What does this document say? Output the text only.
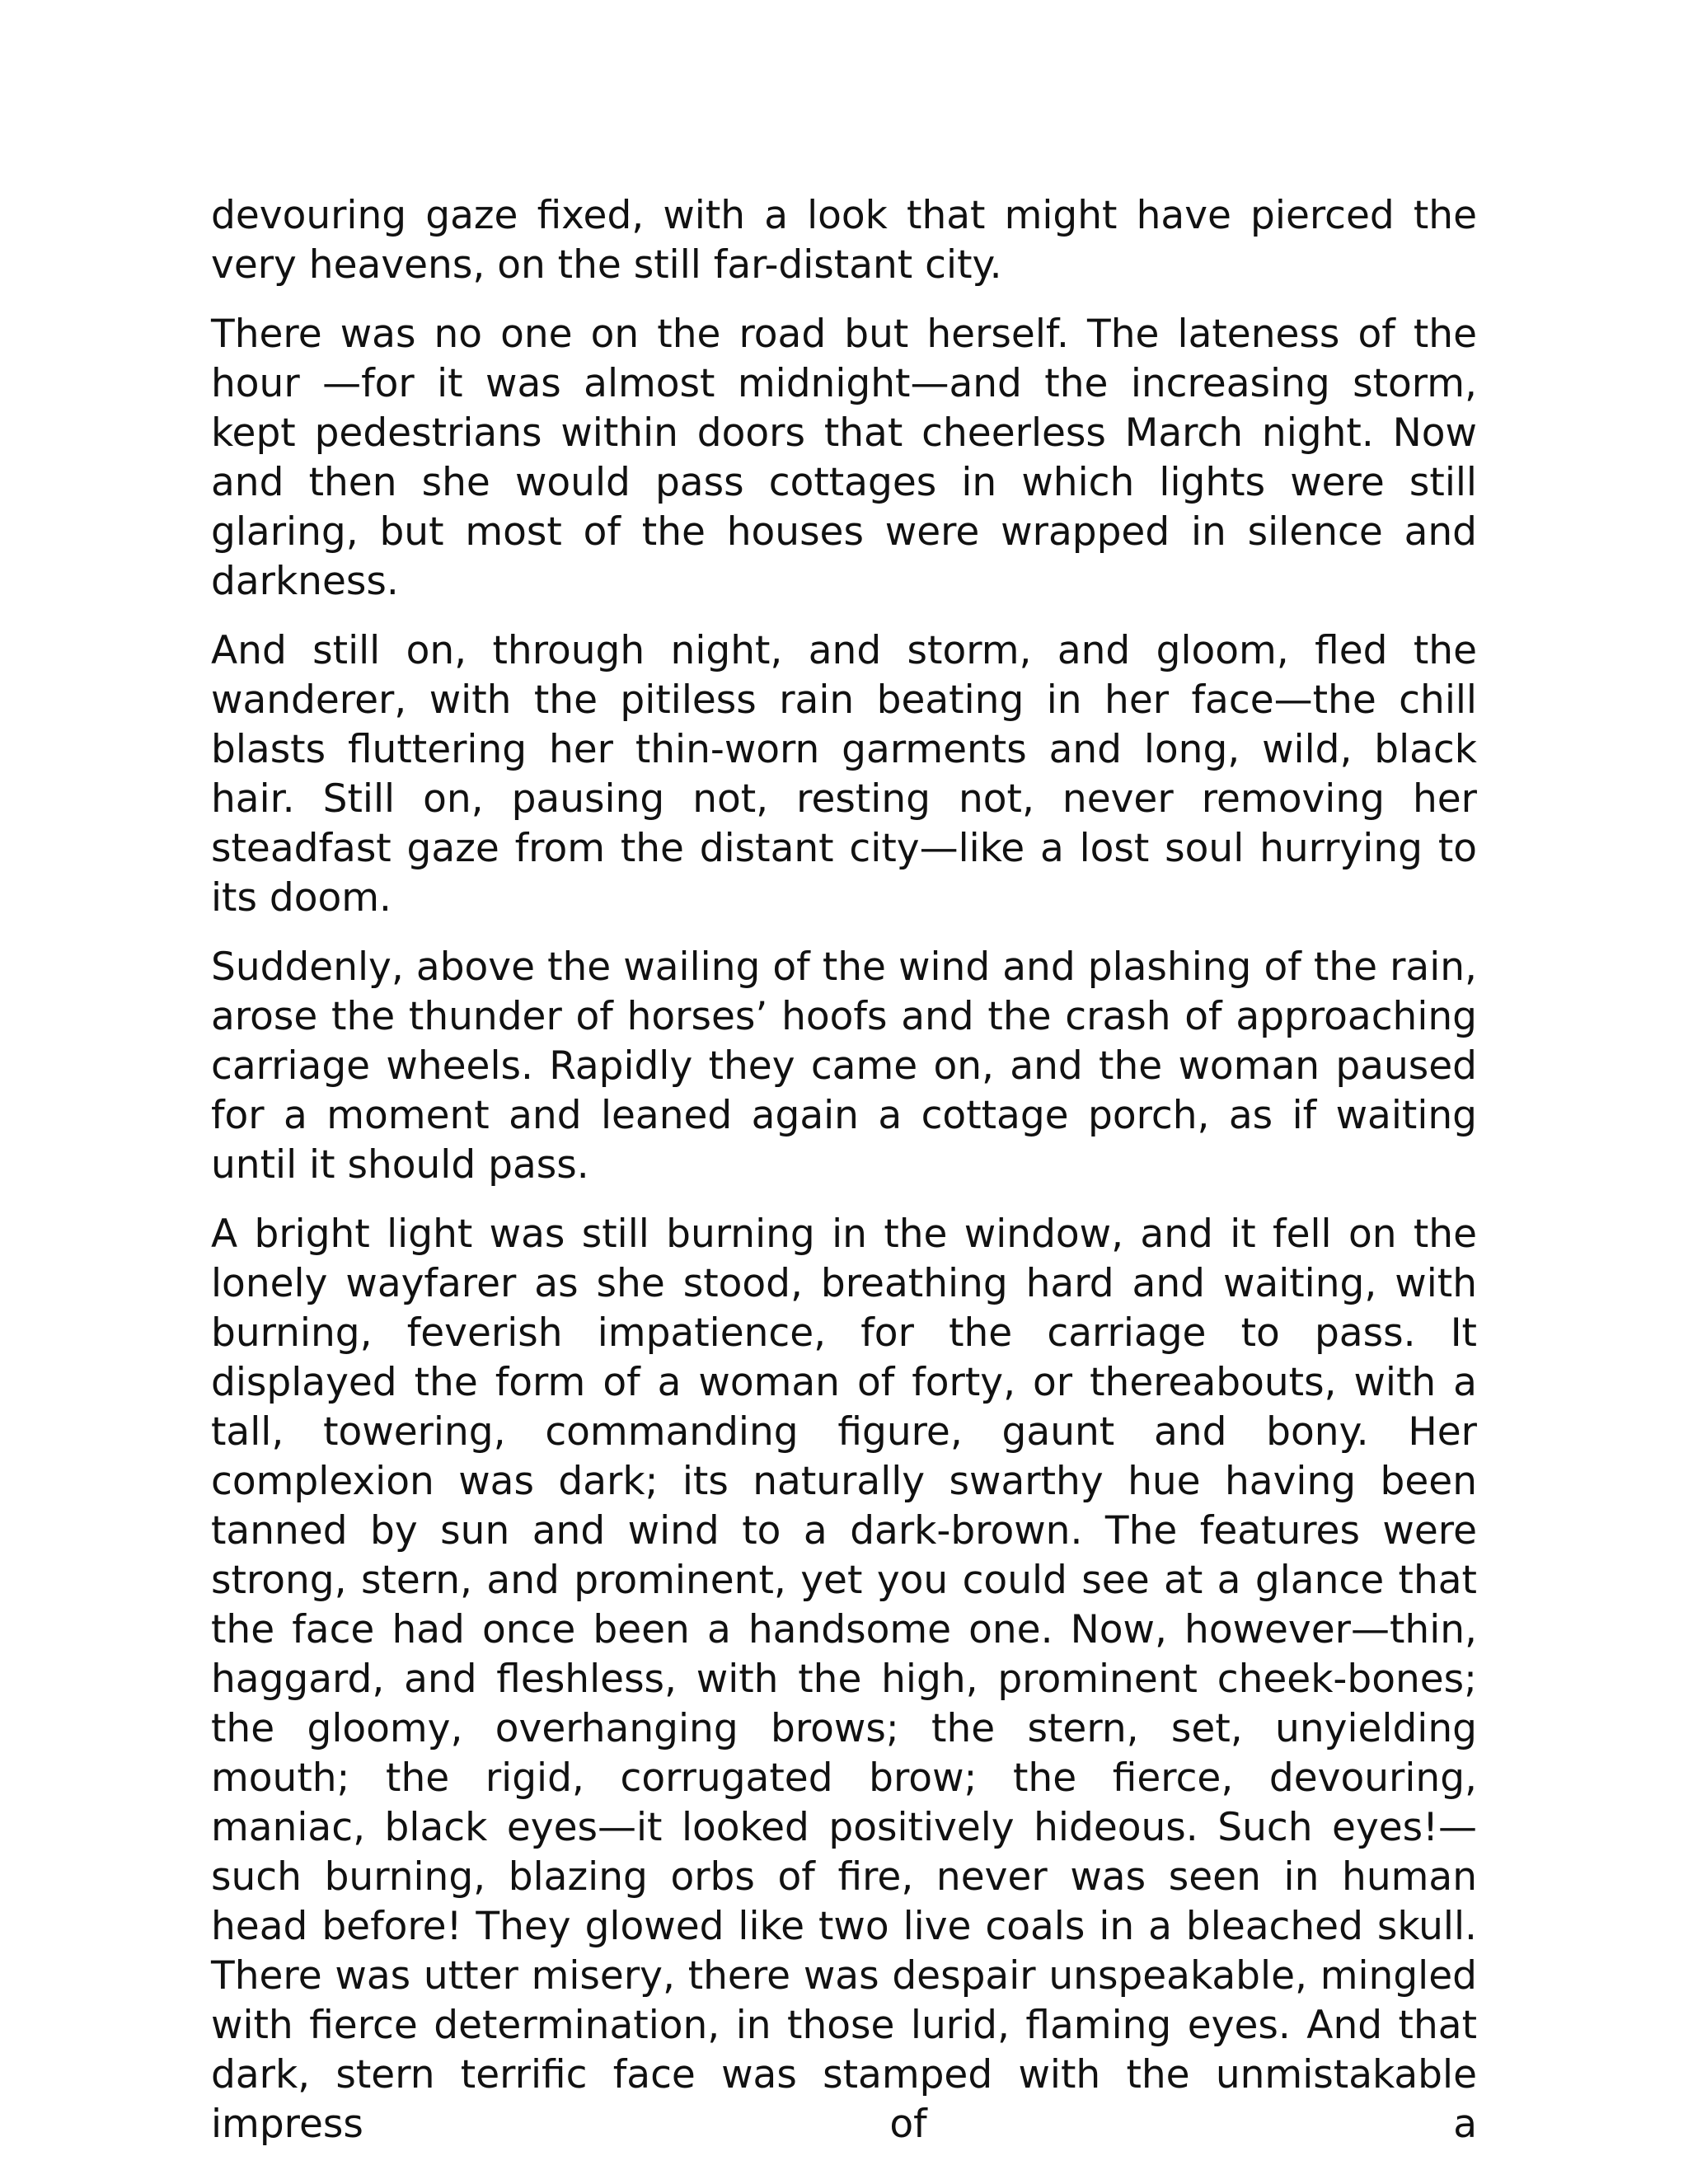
devouring gaze fixed, with a look that might have pierced the very heavens, on the still far-distant city.

There was no one on the road but herself. The lateness of the hour —for it was almost midnight—and the increasing storm, kept pedestrians within doors that cheerless March night. Now and then she would pass cottages in which lights were still glaring, but most of the houses were wrapped in silence and darkness.

And still on, through night, and storm, and gloom, fled the wanderer, with the pitiless rain beating in her face—the chill blasts fluttering her thin-worn garments and long, wild, black hair. Still on, pausing not, resting not, never removing her steadfast gaze from the distant city—like a lost soul hurrying to its doom.

Suddenly, above the wailing of the wind and plashing of the rain, arose the thunder of horses’ hoofs and the crash of approaching carriage wheels. Rapidly they came on, and the woman paused for a moment and leaned again a cottage porch, as if waiting until it should pass.

A bright light was still burning in the window, and it fell on the lonely wayfarer as she stood, breathing hard and waiting, with burning, feverish impatience, for the carriage to pass. It displayed the form of a woman of forty, or thereabouts, with a tall, towering, commanding figure, gaunt and bony. Her complexion was dark; its naturally swarthy hue having been tanned by sun and wind to a dark-brown. The features were strong, stern, and prominent, yet you could see at a glance that the face had once been a handsome one. Now, however—thin, haggard, and fleshless, with the high, prominent cheek-bones; the gloomy, overhanging brows; the stern, set, unyielding mouth; the rigid, corrugated brow; the fierce, devouring, maniac, black eyes—it looked positively hideous. Such eyes!—such burning, blazing orbs of fire, never was seen in human head before! They glowed like two live coals in a bleached skull. There was utter misery, there was despair unspeakable, mingled with fierce determination, in those lurid, flaming eyes. And that dark, stern terrific face was stamped with the unmistakable impress of a
